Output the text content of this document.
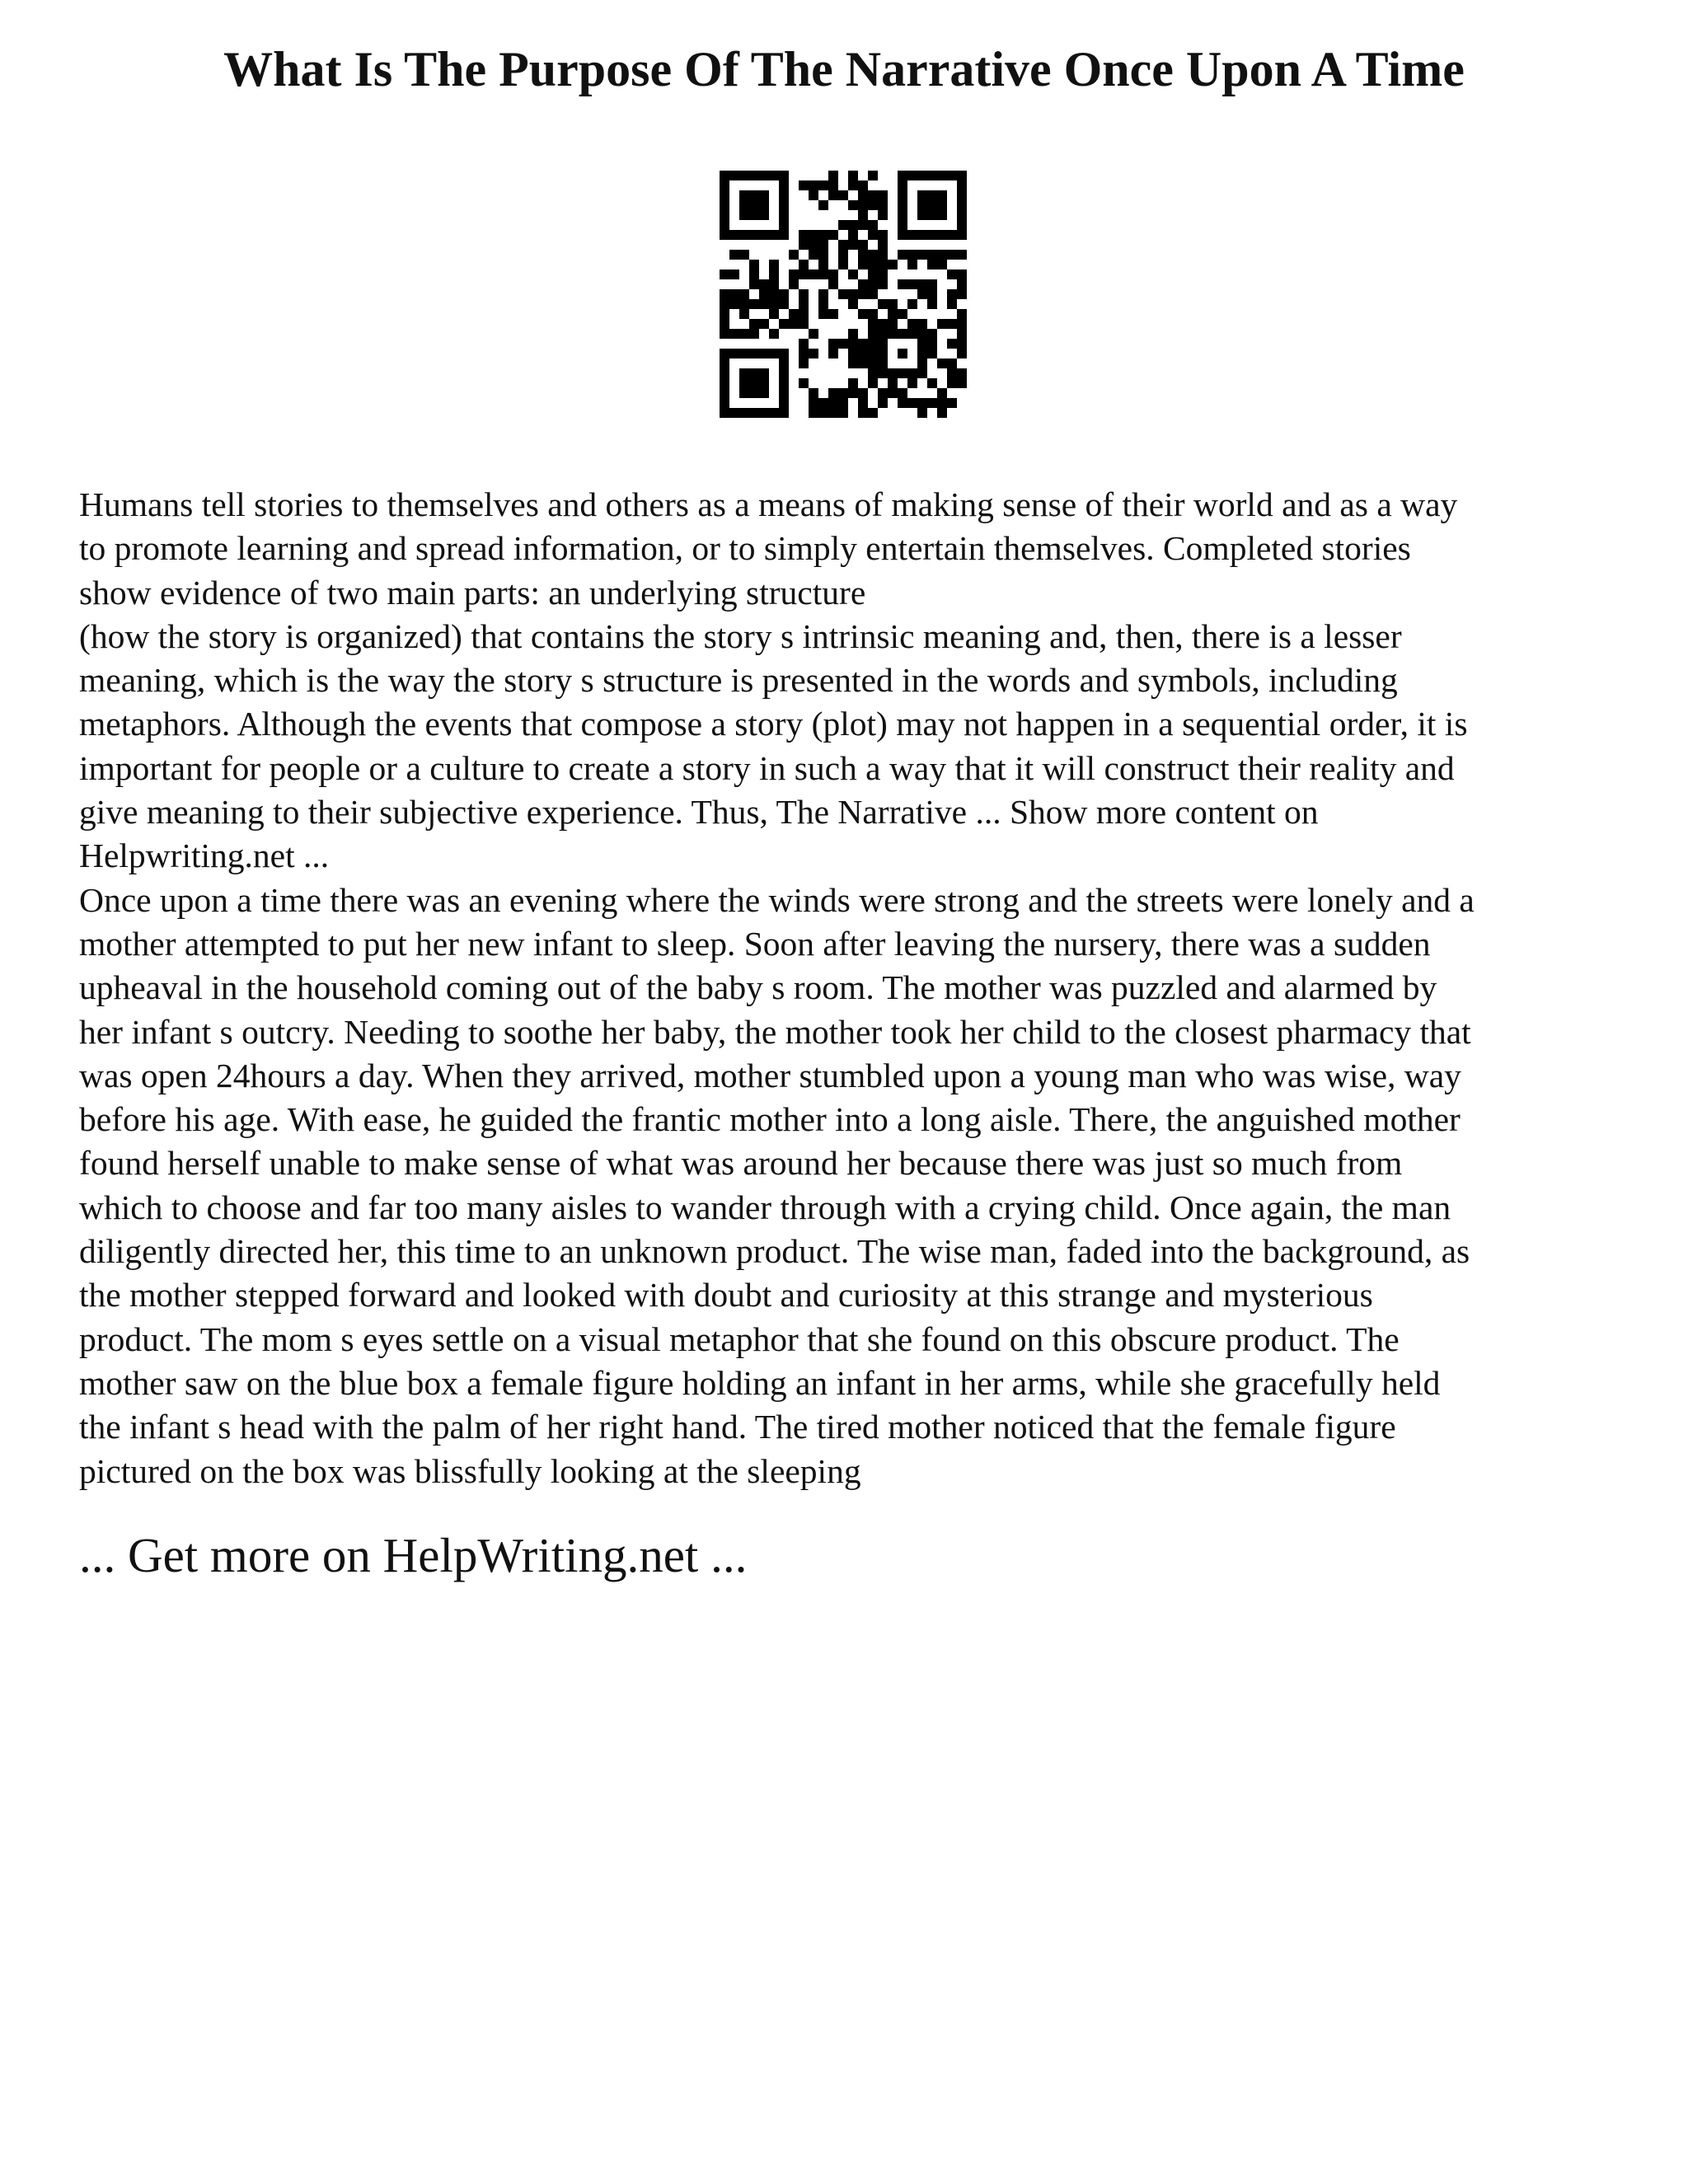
What Is The Purpose Of The Narrative Once Upon A Time
Humans tell stories to themselves and others as a means of making sense of their world and as a way
to promote learning and spread information, or to simply entertain themselves. Completed stories
show evidence of two main parts: an underlying structure
(how the story is organized) that contains the story s intrinsic meaning and, then, there is a lesser
meaning, which is the way the story s structure is presented in the words and symbols, including
metaphors. Although the events that compose a story (plot) may not happen in a sequential order, it is
important for people or a culture to create a story in such a way that it will construct their reality and
give meaning to their subjective experience. Thus, The Narrative ... Show more content on
Helpwriting.net ...
Once upon a time there was an evening where the winds were strong and the streets were lonely and a
mother attempted to put her new infant to sleep. Soon after leaving the nursery, there was a sudden
upheaval in the household coming out of the baby s room. The mother was puzzled and alarmed by
her infant s outcry. Needing to soothe her baby, the mother took her child to the closest pharmacy that
was open 24hours a day. When they arrived, mother stumbled upon a young man who was wise, way
before his age. With ease, he guided the frantic mother into a long aisle. There, the anguished mother
found herself unable to make sense of what was around her because there was just so much from
which to choose and far too many aisles to wander through with a crying child. Once again, the man
diligently directed her, this time to an unknown product. The wise man, faded into the background, as
the mother stepped forward and looked with doubt and curiosity at this strange and mysterious
product. The mom s eyes settle on a visual metaphor that she found on this obscure product. The
mother saw on the blue box a female figure holding an infant in her arms, while she gracefully held
the infant s head with the palm of her right hand. The tired mother noticed that the female figure
pictured on the box was blissfully looking at the sleeping
... Get more on HelpWriting.net ...
